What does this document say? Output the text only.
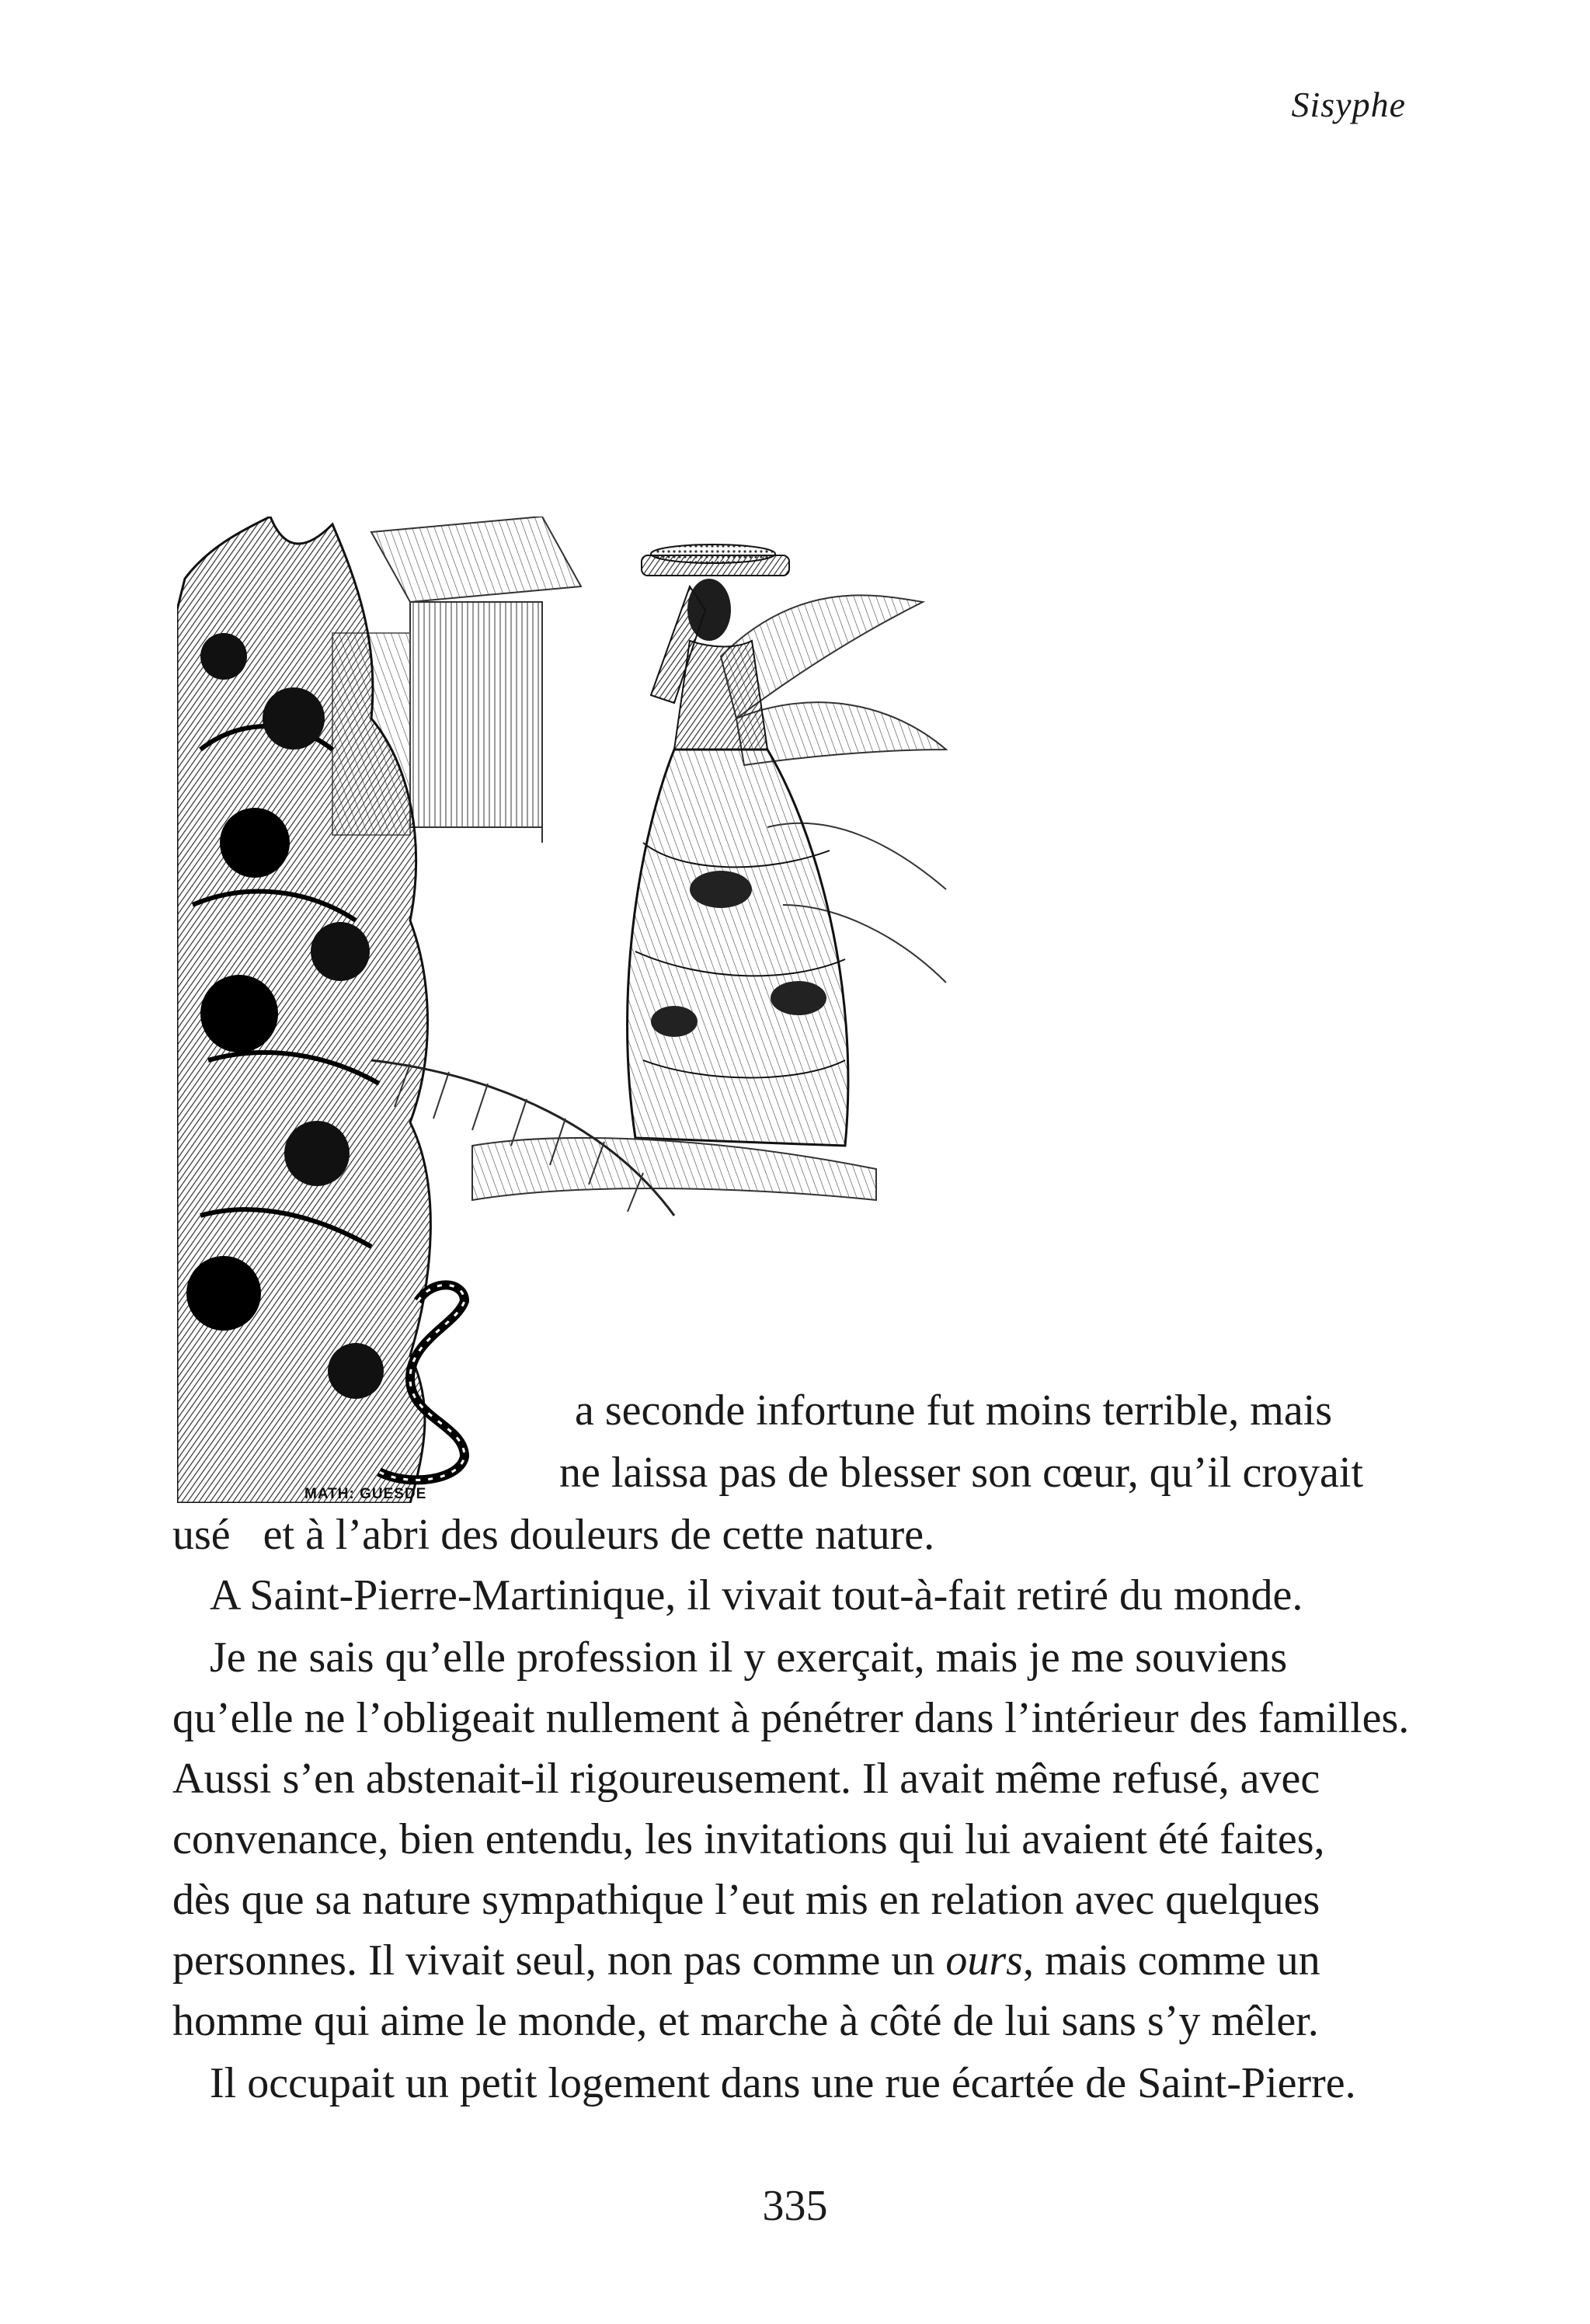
Sisyphe
MATH: GUESDE
a seconde infortune fut moins terrible, mais
ne laissa pas de blesser son cœur, qu’il croyait
usé   et à l’abri des douleurs de cette nature.
A Saint-Pierre-Martinique, il vivait tout-à-fait retiré du monde.
Je ne sais qu’elle profession il y exerçait, mais je me souviens
qu’elle ne l’obligeait nullement à pénétrer dans l’intérieur des familles.
Aussi s’en abstenait-il rigoureusement. Il avait même refusé, avec
convenance, bien entendu, les invitations qui lui avaient été faites,
dès que sa nature sympathique l’eut mis en relation avec quelques
personnes. Il vivait seul, non pas comme un ours, mais comme un
homme qui aime le monde, et marche à côté de lui sans s’y mêler.
Il occupait un petit logement dans une rue écartée de Saint-Pierre.
335
